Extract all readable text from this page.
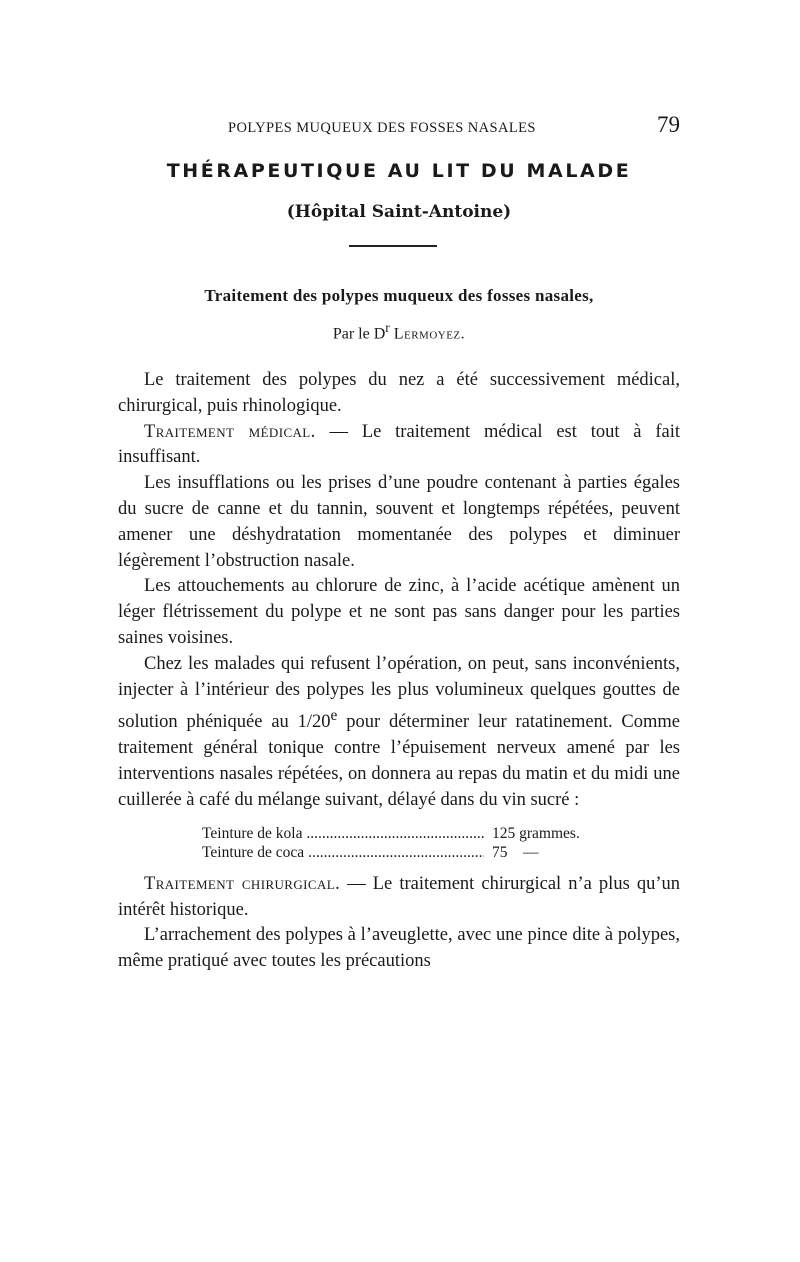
POLYPES MUQUEUX DES FOSSES NASALES	79
THÉRAPEUTIQUE AU LIT DU MALADE
(Hôpital Saint-Antoine)
Traitement des polypes muqueux des fosses nasales,
Par le $D^r$ Lermoyez.

Le traitement des polypes du nez a été successivement médical, chirurgical, puis rhinologique.

Traitement médical. — Le traitement médical est tout à fait insuffisant.

Les insufflations ou les prises d’une poudre contenant à parties égales du sucre de canne et du tannin, souvent et longtemps répétées, peuvent amener une déshydratation momentanée des polypes et diminuer légèrement l’obstruction nasale.

Les attouchements au chlorure de zinc, à l’acide acétique amènent un léger flétrissement du polype et ne sont pas sans danger pour les parties saines voisines.

Chez les malades qui refusent l’opération, on peut, sans inconvénients, injecter à l’intérieur des polypes les plus volumineux quelques gouttes de solution phéniquée au 1/20e pour déterminer leur ratatinement. Comme traitement général tonique contre l’épuisement nerveux amené par les interventions nasales répétées, on donnera au repas du matin et du midi une cuillerée à café du mélange suivant, délayé dans du vin sucré :

Teinture de kola .....	125 grammes.
Teinture de coca .....	75    —

Traitement chirurgical. — Le traitement chirurgical n’a plus qu’un intérêt historique.

L’arrachement des polypes à l’aveuglette, avec une pince dite à polypes, même pratiqué avec toutes les précautions
